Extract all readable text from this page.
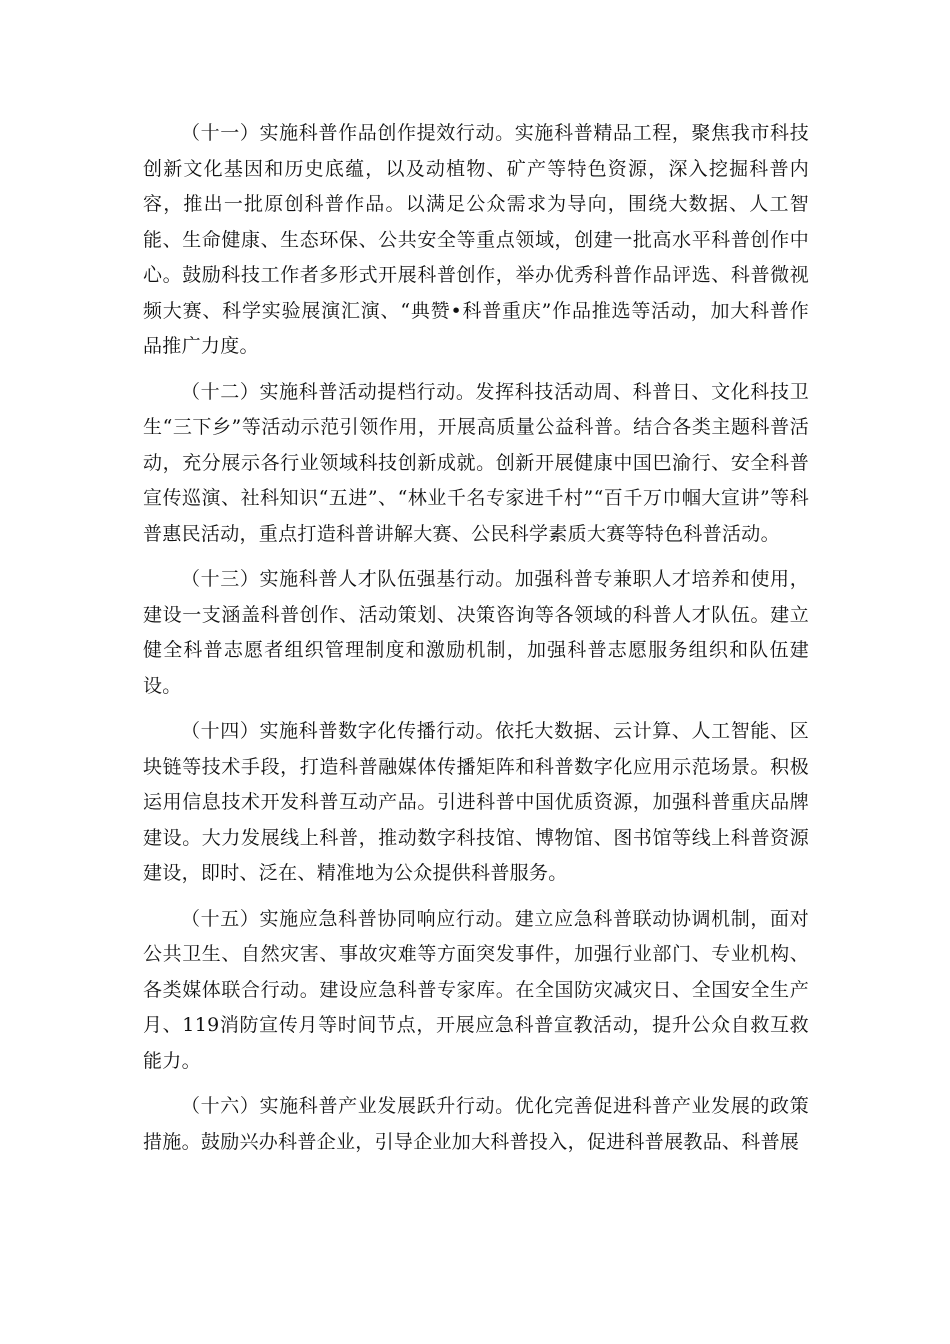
（十一）实施科普作品创作提效行动。实施科普精品工程，聚焦我市科技创新文化基因和历史底蕴，以及动植物、矿产等特色资源，深入挖掘科普内容，推出一批原创科普作品。以满足公众需求为导向，围绕大数据、人工智能、生命健康、生态环保、公共安全等重点领域，创建一批高水平科普创作中心。鼓励科技工作者多形式开展科普创作，举办优秀科普作品评选、科普微视频大赛、科学实验展演汇演、“典赞•科普重庆”作品推选等活动，加大科普作品推广力度。

（十二）实施科普活动提档行动。发挥科技活动周、科普日、文化科技卫生“三下乡”等活动示范引领作用，开展高质量公益科普。结合各类主题科普活动，充分展示各行业领域科技创新成就。创新开展健康中国巴渝行、安全科普宣传巡演、社科知识“五进”、“林业千名专家进千村”“百千万巾帼大宣讲”等科普惠民活动，重点打造科普讲解大赛、公民科学素质大赛等特色科普活动。

（十三）实施科普人才队伍强基行动。加强科普专兼职人才培养和使用，建设一支涵盖科普创作、活动策划、决策咨询等各领域的科普人才队伍。建立健全科普志愿者组织管理制度和激励机制，加强科普志愿服务组织和队伍建设。

（十四）实施科普数字化传播行动。依托大数据、云计算、人工智能、区块链等技术手段，打造科普融媒体传播矩阵和科普数字化应用示范场景。积极运用信息技术开发科普互动产品。引进科普中国优质资源，加强科普重庆品牌建设。大力发展线上科普，推动数字科技馆、博物馆、图书馆等线上科普资源建设，即时、泛在、精准地为公众提供科普服务。

（十五）实施应急科普协同响应行动。建立应急科普联动协调机制，面对公共卫生、自然灾害、事故灾难等方面突发事件，加强行业部门、专业机构、各类媒体联合行动。建设应急科普专家库。在全国防灾减灾日、全国安全生产月、119消防宣传月等时间节点，开展应急科普宣教活动，提升公众自救互救能力。

（十六）实施科普产业发展跃升行动。优化完善促进科普产业发展的政策措施。鼓励兴办科普企业，引导企业加大科普投入，促进科普展教品、科普展
